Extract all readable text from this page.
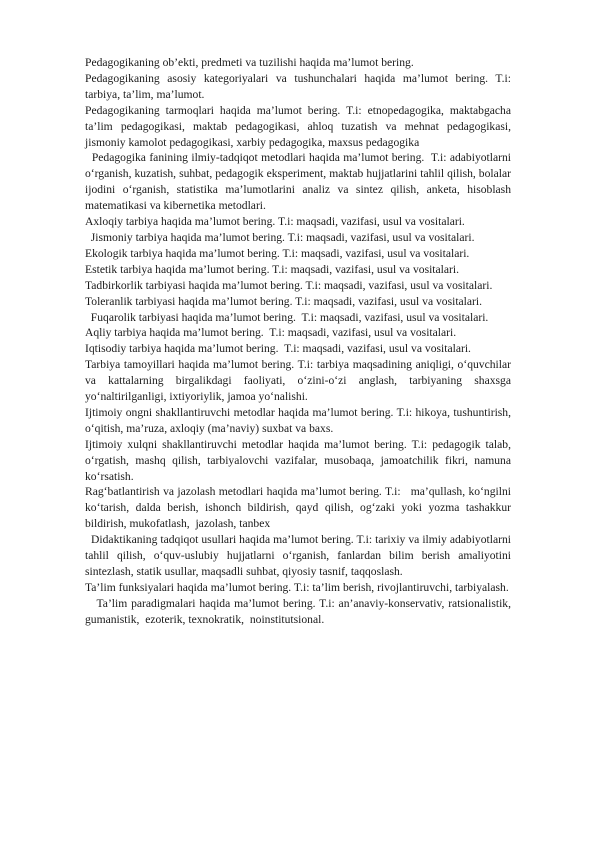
Pedagogikaning ob’ekti, predmeti va tuzilishi haqida ma’lumot bering.

Pedagogikaning asosiy kategoriyalari va tushunchalari haqida ma’lumot bering. T.i: tarbiya, ta’lim, ma’lumot.

Pedagogikaning tarmoqlari haqida ma’lumot bering. T.i: etnopedagogika, maktabgacha ta’lim pedagogikasi, maktab pedagogikasi, ahloq tuzatish va mehnat pedagogikasi, jismoniy kamolot pedagogikasi, xarbiy pedagogika, maxsus pedagogika

Pedagogika fanining ilmiy-tadqiqot metodlari haqida ma’lumot bering.  T.i: adabiyotlarni o‘rganish, kuzatish, suhbat, pedagogik eksperiment, maktab hujjatlarini tahlil qilish, bolalar ijodini o‘rganish, statistika ma’lumotlarini analiz va sintez qilish, anketa, hisoblash matematikasi va kibernetika metodlari.

Axloqiy tarbiya haqida ma’lumot bering. T.i: maqsadi, vazifasi, usul va vositalari.

Jismoniy tarbiya haqida ma’lumot bering. T.i: maqsadi, vazifasi, usul va vositalari.

Ekologik tarbiya haqida ma’lumot bering. T.i: maqsadi, vazifasi, usul va vositalari.

Estetik tarbiya haqida ma’lumot bering. T.i: maqsadi, vazifasi, usul va vositalari.

Tadbirkorlik tarbiyasi haqida ma’lumot bering. T.i: maqsadi, vazifasi, usul va vositalari.

Toleranlik tarbiyasi haqida ma’lumot bering. T.i: maqsadi, vazifasi, usul va vositalari.

Fuqarolik tarbiyasi haqida ma’lumot bering.  T.i: maqsadi, vazifasi, usul va vositalari.

Aqliy tarbiya haqida ma’lumot bering.  T.i: maqsadi, vazifasi, usul va vositalari.

Iqtisodiy tarbiya haqida ma’lumot bering.  T.i: maqsadi, vazifasi, usul va vositalari.

Tarbiya tamoyillari haqida ma’lumot bering. T.i: tarbiya maqsadining aniqligi, o‘quvchilar va kattalarning birgalikdagi faoliyati, o‘zini-o‘zi anglash, tarbiyaning shaxsga yo‘naltirilganligi, ixtiyoriylik, jamoa yo‘nalishi.

Ijtimoiy ongni shakllantiruvchi metodlar haqida ma’lumot bering. T.i: hikoya, tushuntirish, o‘qitish, ma’ruza, axloqiy (ma’naviy) suxbat va baxs.

Ijtimoiy xulqni shakllantiruvchi metodlar haqida ma’lumot bering. T.i: pedagogik talab, o‘rgatish, mashq qilish, tarbiyalovchi vazifalar, musobaqa, jamoatchilik fikri, namuna ko‘rsatish.

Rag‘batlantirish va jazolash metodlari haqida ma’lumot bering. T.i:   ma’qullash, ko‘ngilni ko‘tarish, dalda berish, ishonch bildirish, qayd qilish, og‘zaki yoki yozma tashakkur bildirish, mukofatlash,  jazolash, tanbex

Didaktikaning tadqiqot usullari haqida ma’lumot bering. T.i: tarixiy va ilmiy adabiyotlarni tahlil qilish, o‘quv-uslubiy hujjatlarni o‘rganish, fanlardan bilim berish amaliyotini sintezlash, statik usullar, maqsadli suhbat, qiyosiy tasnif, taqqoslash.

Ta’lim funksiyalari haqida ma’lumot bering. T.i: ta’lim berish, rivojlantiruvchi, tarbiyalash.

Ta’lim paradigmalari haqida ma’lumot bering. T.i: an’anaviy-konservativ, ratsionalistik,  gumanistik,  ezoterik, texnokratik,  noinstitutsional.
